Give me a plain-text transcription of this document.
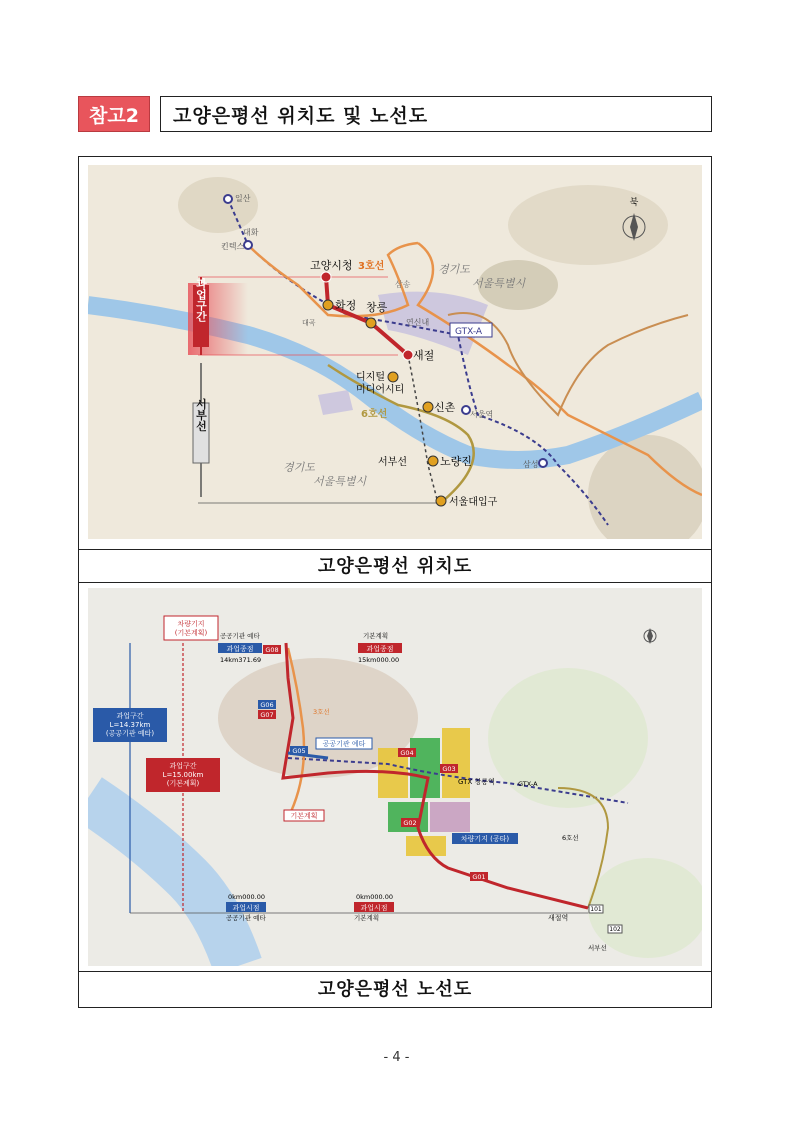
참고2	고양은평선 위치도 및 노선도
과업구간
서부선
북
일산
대화
킨텍스
고양시청 3호선
삼송
경기도
서울특별시
화정 창릉
대곡	연신내
GTX-A
새절
디지털 미디어시티
6호선
신촌
서울역
서부선	노량진	삼성
경기도
서울특별시
서울대입구
고양은평선 위치도
차량기지 (기본계획) 공공기관 예타
과업종점
14km371.69
기본계획
과업종점
15km000.00
과업구간 L=14.37km (공공기관 예타)
과업구간 L=15.00km (기본계획)
공공기관 예타
기본계획
차량기지 (공타)
GTX 창릉역	GTX-A
6호선
3호선
0km000.00
과업시점
공공기관 예타
0km000.00
과업시점
기본계획	새절역
서부선
101
102
G08
G07
G06
G05	G04
G03
G02
G01
고양은평선 노선도
- 4 -
